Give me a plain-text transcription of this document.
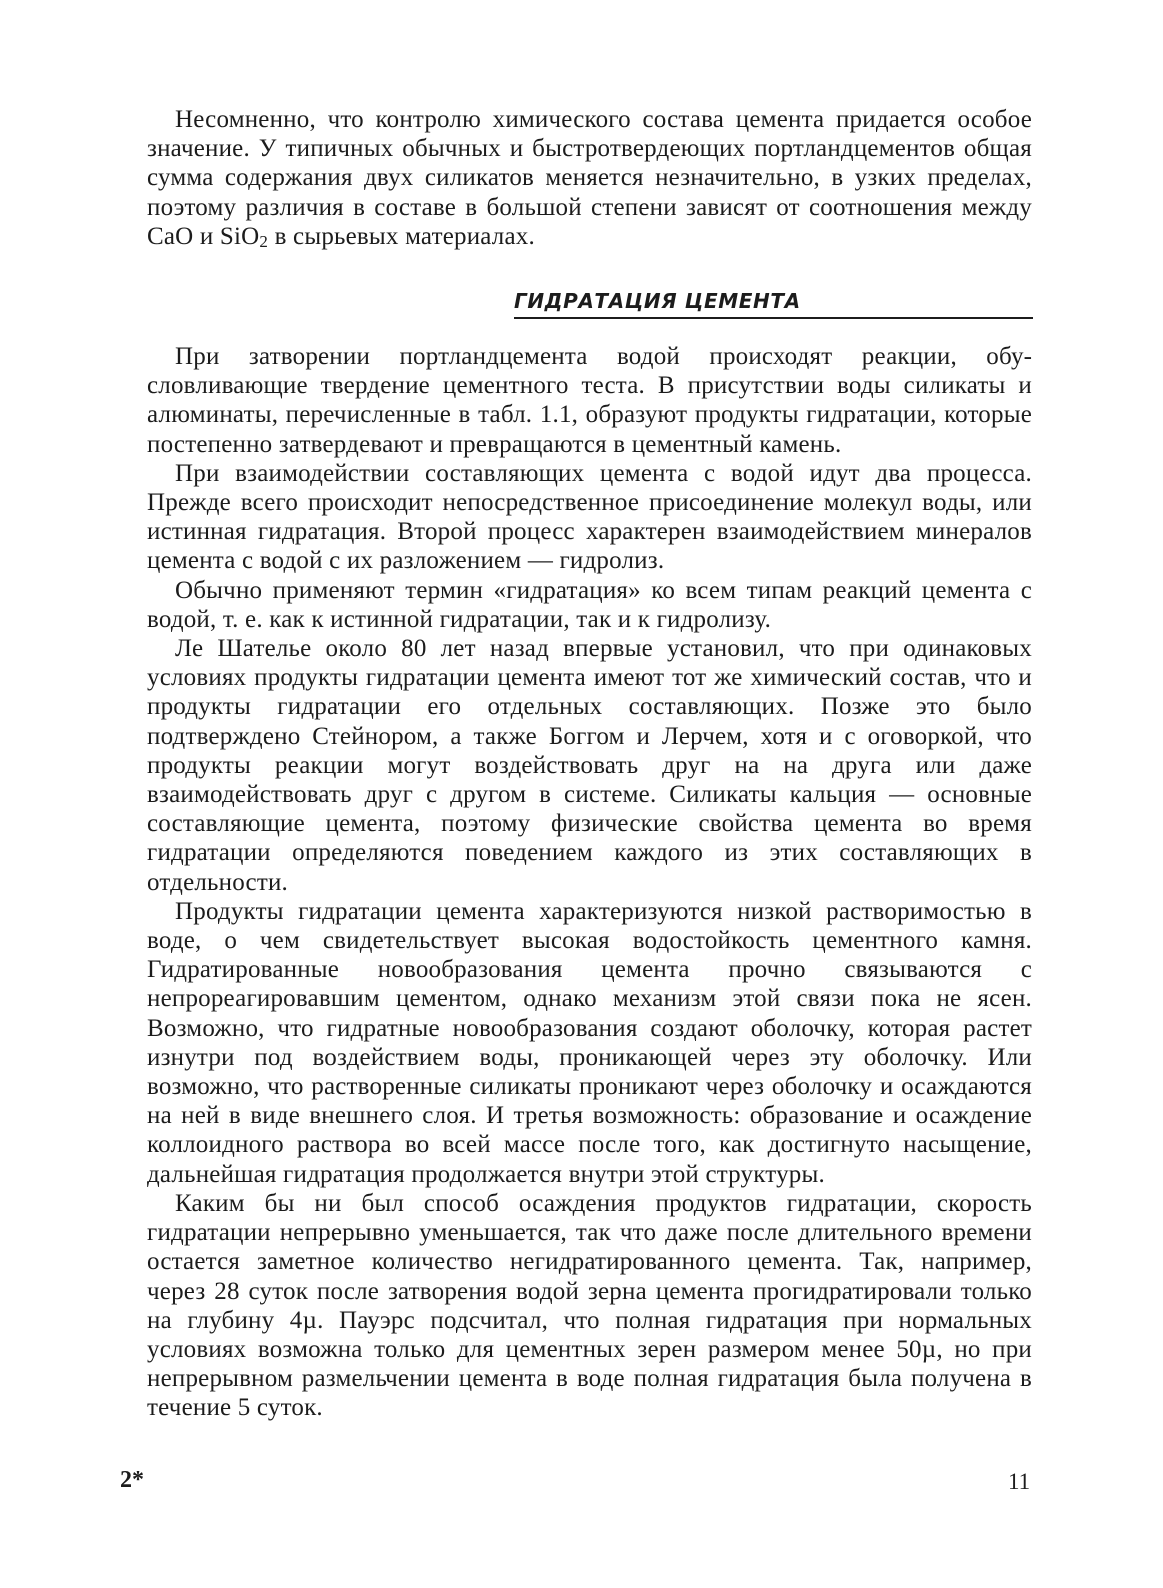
Несомненно, что контролю химического состава цемента придается особое значение. У типичных обычных и быстротвердеющих портландцементов общая сумма содержания двух силикатов меняется незначительно, в узких пределах, поэтому различия в составе в большой степени зависят от соотношения между CaO и SiO$_2$ в сырьевых материалах.

ГИДРАТАЦИЯ ЦЕМЕНТА

При затворении портландцемента водой происходят реакции, обусловливающие твердение цементного теста. В присутствии воды силикаты и алюминаты, перечисленные в табл. 1.1, образуют продукты гидратации, которые постепенно затвердевают и превращаются в цементный камень.

При взаимодействии составляющих цемента с водой идут два процесса. Прежде всего происходит непосредственное присоединение молекул воды, или истинная гидратация. Второй процесс характерен взаимодействием минералов цемента с водой с их разложением — гидролиз.

Обычно применяют термин «гидратация» ко всем типам реакций цемента с водой, т. е. как к истинной гидратации, так и к гидролизу.

Ле Шателье около 80 лет назад впервые установил, что при одинаковых условиях продукты гидратации цемента имеют тот же химический состав, что и продукты гидратации его отдельных составляющих. Позже это было подтверждено Стейнором, а также Боггом и Лерчем, хотя и с оговоркой, что продукты реакции могут воздействовать друг на на друга или даже взаимодействовать друг с другом в системе. Силикаты кальция — основные составляющие цемента, поэтому физические свойства цемента во время гидратации определяются поведением каждого из этих составляющих в отдельности.

Продукты гидратации цемента характеризуются низкой растворимостью в воде, о чем свидетельствует высокая водостойкость цементного камня. Гидратированные новообразования цемента прочно связываются с непрореагировавшим цементом, однако механизм этой связи пока не ясен. Возможно, что гидратные новообразования создают оболочку, которая растет изнутри под воздействием воды, проникающей через эту оболочку. Или возможно, что растворенные силикаты проникают через оболочку и осаждаются на ней в виде внешнего слоя. И третья возможность: образование и осаждение коллоидного раствора во всей массе после того, как достигнуто насыщение, дальнейшая гидратация продолжается внутри этой структуры.

Каким бы ни был способ осаждения продуктов гидратации, скорость гидратации непрерывно уменьшается, так что даже после длительного времени остается заметное количество негидратированного цемента. Так, например, через 28 суток после затворения водой зерна цемента прогидратировали только на глубину 4µ. Пауэрс подсчитал, что полная гидратация при нормальных условиях возможна только для цементных зерен размером менее 50µ, но при непрерывном размельчении цемента в воде полная гидратация была получена в течение 5 суток.

2*	11
